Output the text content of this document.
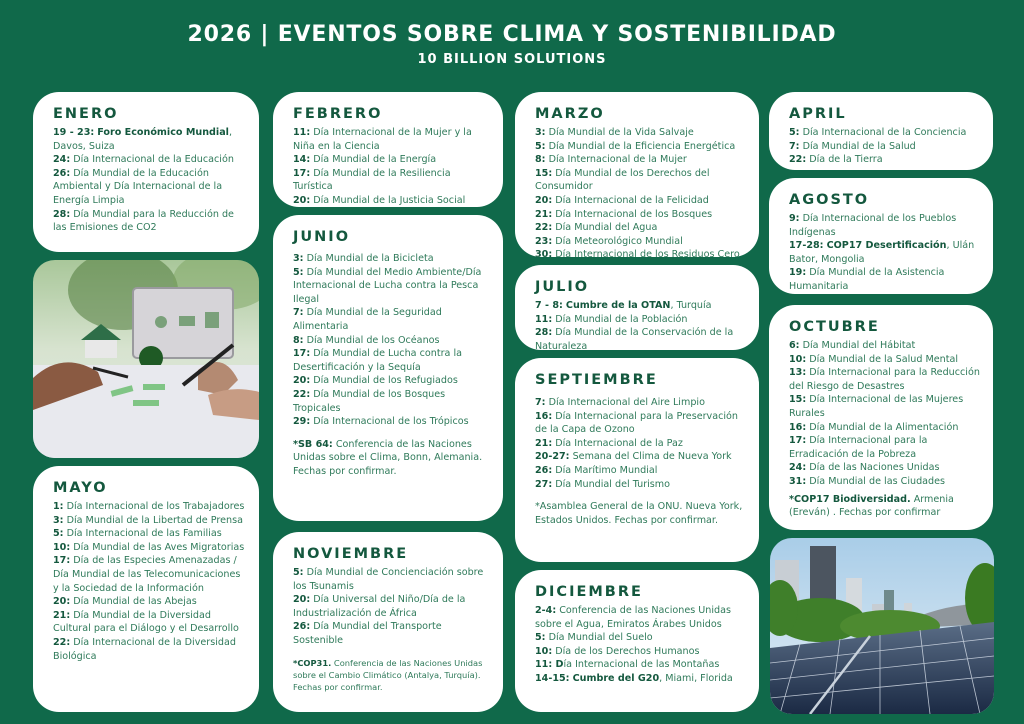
2026 | EVENTOS SOBRE CLIMA Y SOSTENIBILIDAD
10 BILLION SOLUTIONS
ENERO
19 - 23: Foro Económico Mundial, Davos, Suiza
24: Día Internacional de la Educación
26: Día Mundial de la Educación Ambiental y Día Internacional de la Energía Limpia
28: Día Mundial para la Reducción de las Emisiones de CO2
MAYO
1: Día Internacional de los Trabajadores
3: Día Mundial de la Libertad de Prensa
5: Día Internacional de las Familias
10: Día Mundial de las Aves Migratorias
17: Día de las Especies Amenazadas / Día Mundial de las Telecomunicaciones y la Sociedad de la Información
20: Día Mundial de las Abejas
21: Día Mundial de la Diversidad Cultural para el Diálogo y el Desarrollo
22: Día Internacional de la Diversidad Biológica
FEBRERO
11: Día Internacional de la Mujer y la Niña en la Ciencia
14: Día Mundial de la Energía
17: Día Mundial de la Resiliencia Turística
20: Día Mundial de la Justicia Social
JUNIO
3: Día Mundial de la Bicicleta
5: Día Mundial del Medio Ambiente/Día Internacional de Lucha contra la Pesca Ilegal
7: Día Mundial de la Seguridad Alimentaria
8: Día Mundial de los Océanos
17: Día Mundial de Lucha contra la Desertificación y la Sequía
20: Día Mundial de los Refugiados
22: Día Mundial de los Bosques Tropicales
29: Día Internacional de los Trópicos
*SB 64: Conferencia de las Naciones Unidas sobre el Clima, Bonn, Alemania. Fechas por confirmar.
NOVIEMBRE
5: Día Mundial de Concienciación sobre los Tsunamis
20: Día Universal del Niño/Día de la Industrialización de África
26: Día Mundial del Transporte Sostenible
*COP31. Conferencia de las Naciones Unidas sobre el Cambio Climático (Antalya, Turquía). Fechas por confirmar.
MARZO
3: Día Mundial de la Vida Salvaje
5: Día Mundial de la Eficiencia Energética
8: Día Internacional de la Mujer
15: Día Mundial de los Derechos del Consumidor
20: Día Internacional de la Felicidad
21: Día Internacional de los Bosques
22: Día Mundial del Agua
23: Día Meteorológico Mundial
30: Día Internacional de los Residuos Cero
JULIO
7 - 8: Cumbre de la OTAN, Turquía
11: Día Mundial de la Población
28: Día Mundial de la Conservación de la Naturaleza
SEPTIEMBRE
7: Día Internacional del Aire Limpio
16: Día Internacional para la Preservación de la Capa de Ozono
21: Día Internacional de la Paz
20-27: Semana del Clima de Nueva York
26: Día Marítimo Mundial
27: Día Mundial del Turismo
*Asamblea General de la ONU. Nueva York, Estados Unidos. Fechas por confirmar.
DICIEMBRE
2-4: Conferencia de las Naciones Unidas sobre el Agua, Emiratos Árabes Unidos
5: Día Mundial del Suelo
10: Día de los Derechos Humanos
11: Día Internacional de las Montañas
14-15: Cumbre del G20, Miami, Florida
APRIL
5: Día Internacional de la Conciencia
7: Día Mundial de la Salud
22: Día de la Tierra
AGOSTO
9: Día Internacional de los Pueblos Indígenas
17-28: COP17 Desertificación, Ulán Bator, Mongolia
19: Día Mundial de la Asistencia Humanitaria
OCTUBRE
6: Día Mundial del Hábitat
10: Día Mundial de la Salud Mental
13: Día Internacional para la Reducción del Riesgo de Desastres
15: Día Internacional de las Mujeres Rurales
16: Día Mundial de la Alimentación
17: Día Internacional para la Erradicación de la Pobreza
24: Día de las Naciones Unidas
31: Día Mundial de las Ciudades
*COP17 Biodiversidad. Armenia (Ereván) . Fechas por confirmar
